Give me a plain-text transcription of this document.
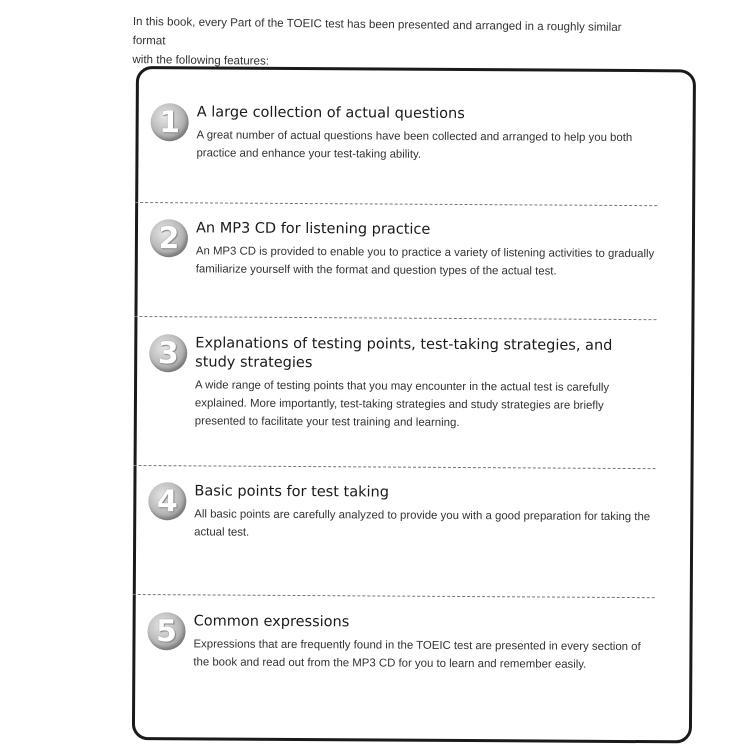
In this book, every Part of the TOEIC test has been presented and arranged in a roughly similar format
with the following features:
1	A large collection of actual questions

A great number of actual questions have been collected and arranged to help you both practice and enhance your test-taking ability.

2	An MP3 CD for listening practice

An MP3 CD is provided to enable you to practice a variety of listening activities to gradually familiarize yourself with the format and question types of the actual test.

3	Explanations of testing points, test-taking strategies, and study strategies

A wide range of testing points that you may encounter in the actual test is carefully explained. More importantly, test-taking strategies and study strategies are briefly presented to facilitate your test training and learning.

4	Basic points for test taking

All basic points are carefully analyzed to provide you with a good preparation for taking the actual test.

5	Common expressions

Expressions that are frequently found in the TOEIC test are presented in every section of the book and read out from the MP3 CD for you to learn and remember easily.
